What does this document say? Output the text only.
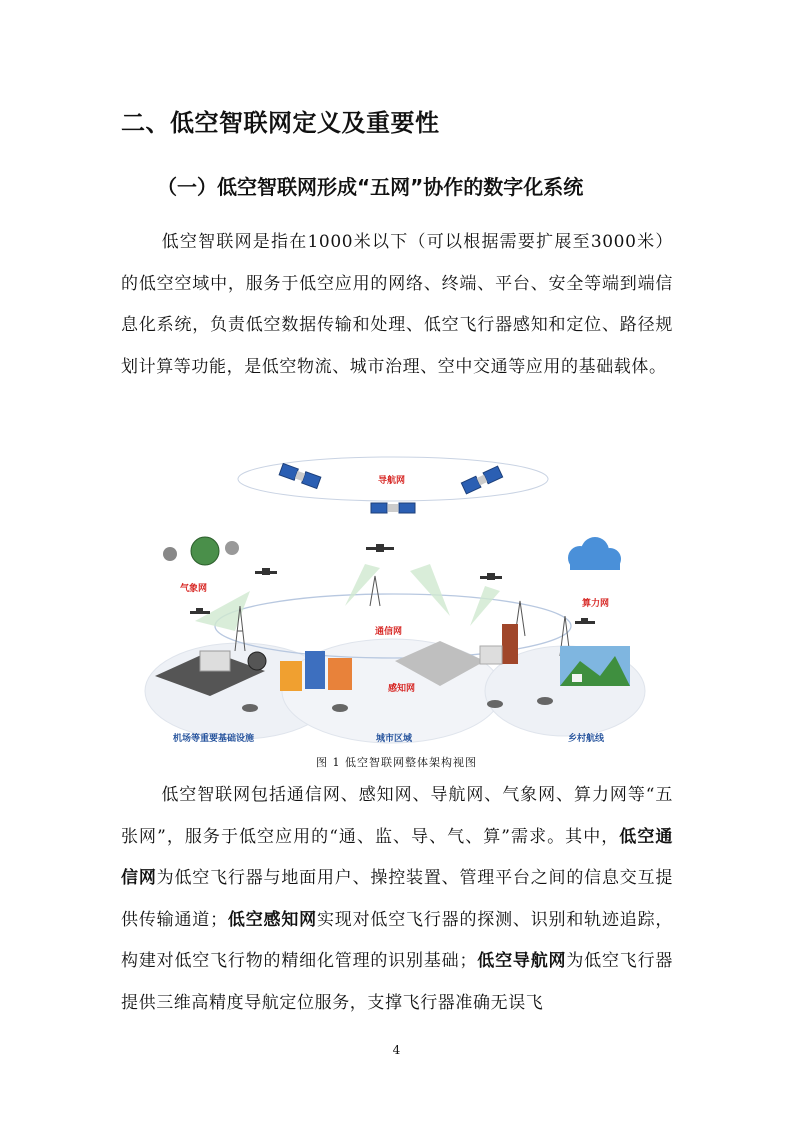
二、低空智联网定义及重要性
（一）低空智联网形成“五网”协作的数字化系统

低空智联网是指在1000米以下（可以根据需要扩展至3000米）的低空空域中，服务于低空应用的网络、终端、平台、安全等端到端信息化系统，负责低空数据传输和处理、低空飞行器感知和定位、路径规划计算等功能，是低空物流、城市治理、空中交通等应用的基础载体。

导航网
气象网
算力网
通信网
感知网
机场等重要基础设施	城市区域	乡村航线
图 1 低空智联网整体架构视图

低空智联网包括通信网、感知网、导航网、气象网、算力网等“五张网”，服务于低空应用的“通、监、导、气、算”需求。其中，低空通信网为低空飞行器与地面用户、操控装置、管理平台之间的信息交互提供传输通道；低空感知网实现对低空飞行器的探测、识别和轨迹追踪，构建对低空飞行物的精细化管理的识别基础；低空导航网为低空飞行器提供三维高精度导航定位服务，支撑飞行器准确无误飞

4
